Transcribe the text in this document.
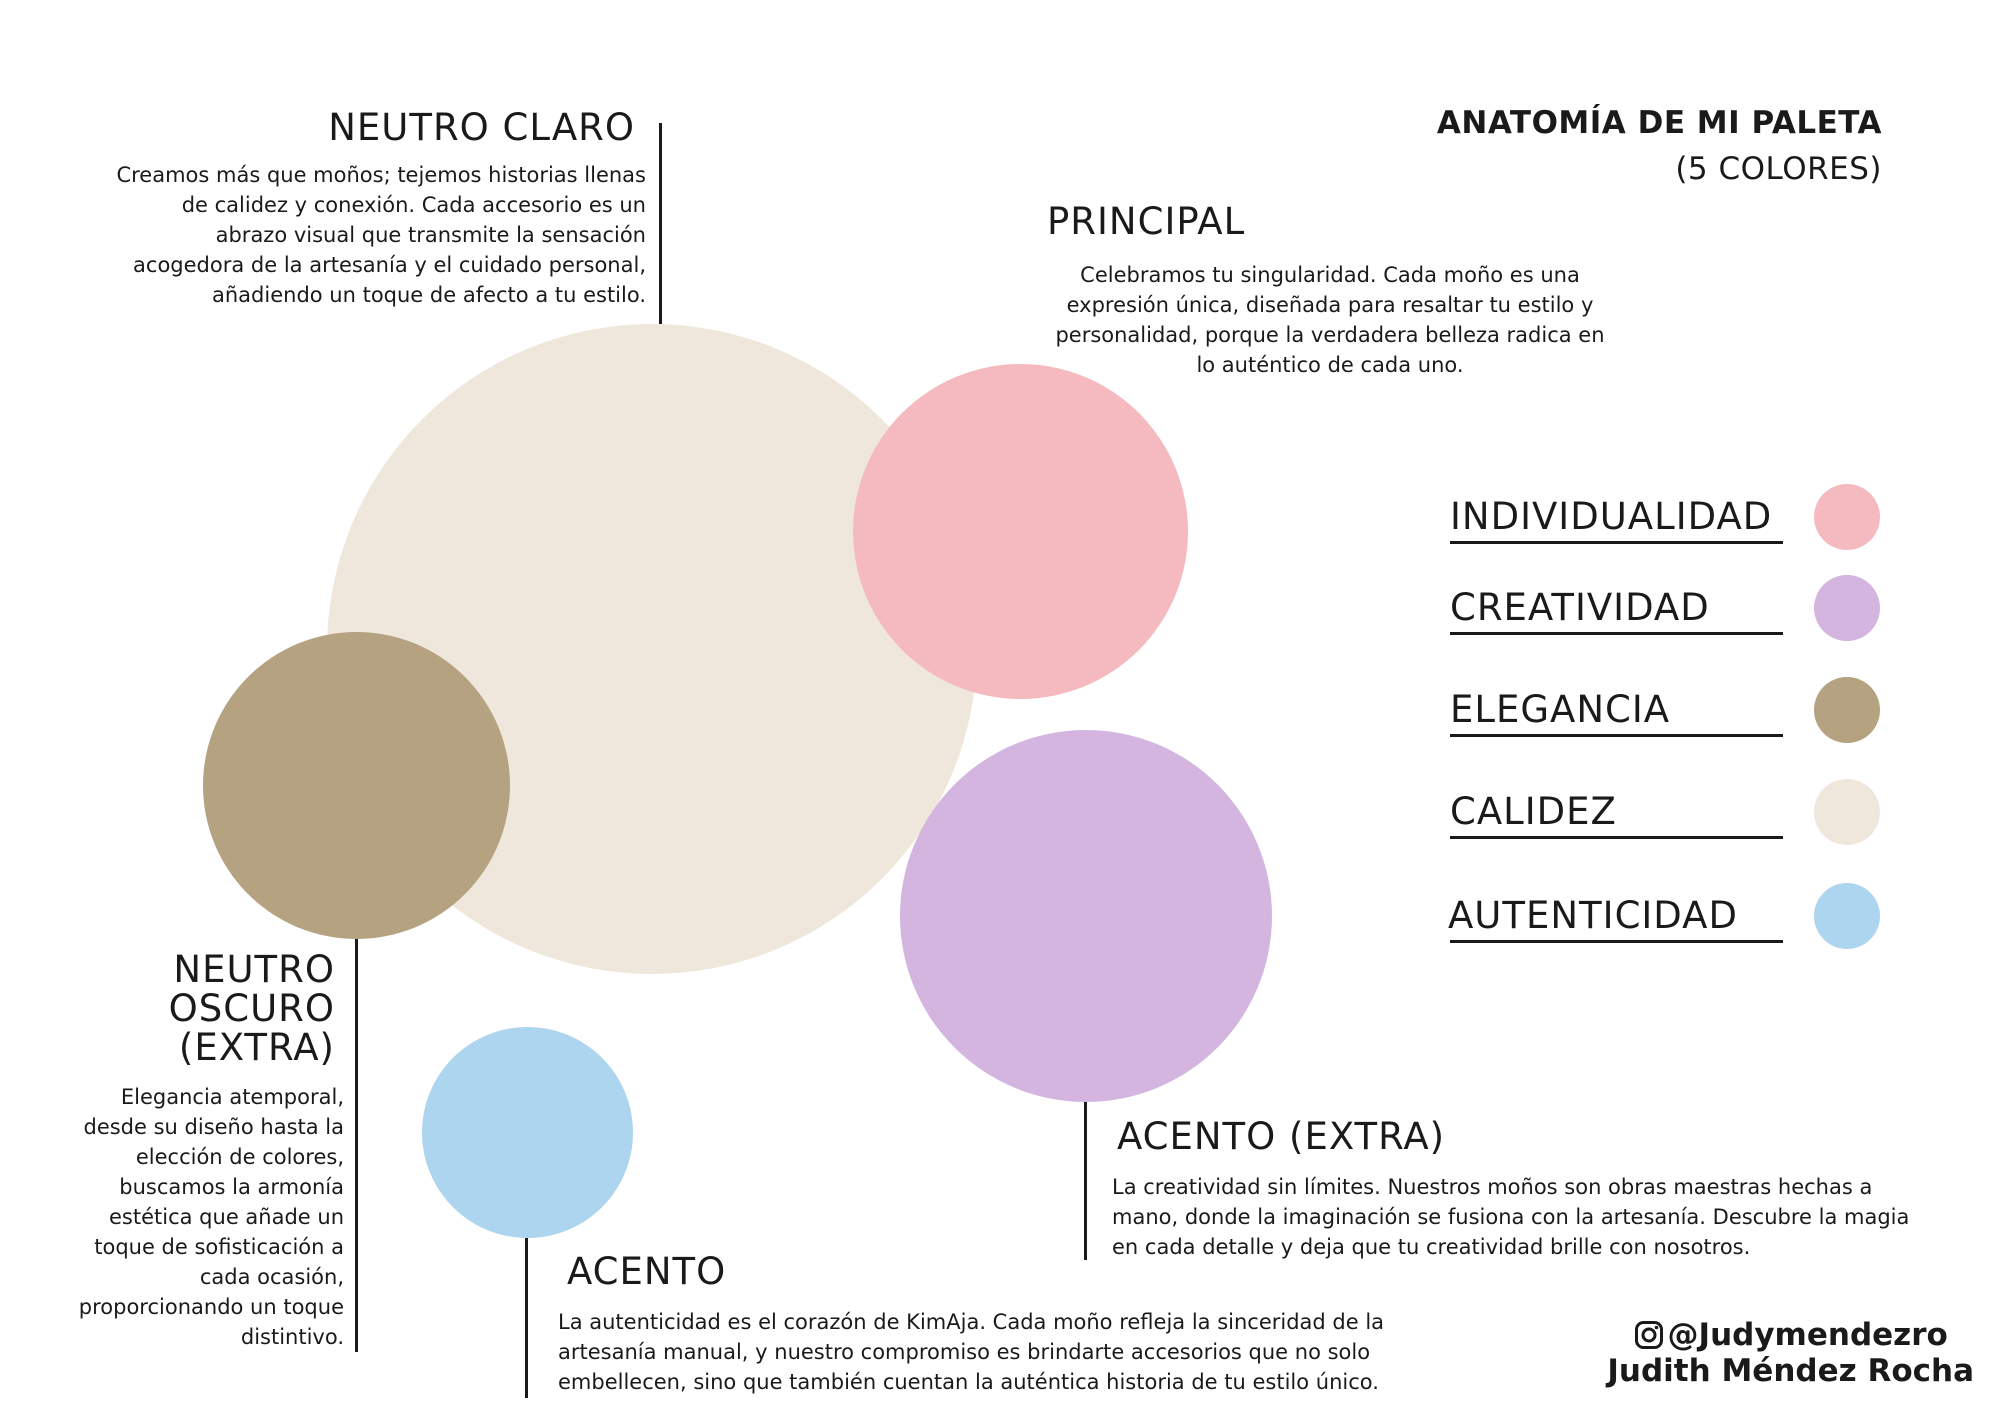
ANATOMÍA DE MI PALETA
(5 COLORES)
NEUTRO CLARO
Creamos más que moños; tejemos historias llenas de calidez y conexión. Cada accesorio es un abrazo visual que transmite la sensación acogedora de la artesanía y el cuidado personal, añadiendo un toque de afecto a tu estilo.
PRINCIPAL
Celebramos tu singularidad. Cada moño es una expresión única, diseñada para resaltar tu estilo y personalidad, porque la verdadera belleza radica en lo auténtico de cada uno.
NEUTRO
OSCURO
(EXTRA)
Elegancia atemporal, desde su diseño hasta la elección de colores, buscamos la armonía estética que añade un toque de sofisticación a cada ocasión, proporcionando un toque distintivo.
ACENTO
La autenticidad es el corazón de KimAja. Cada moño refleja la sinceridad de la artesanía manual, y nuestro compromiso es brindarte accesorios que no solo embellecen, sino que también cuentan la auténtica historia de tu estilo único.
ACENTO (EXTRA)
La creatividad sin límites. Nuestros moños son obras maestras hechas a mano, donde la imaginación se fusiona con la artesanía. Descubre la magia en cada detalle y deja que tu creatividad brille con nosotros.
INDIVIDUALIDAD
CREATIVIDAD
ELEGANCIA
CALIDEZ
AUTENTICIDAD
@Judymendezro
Judith Méndez Rocha
